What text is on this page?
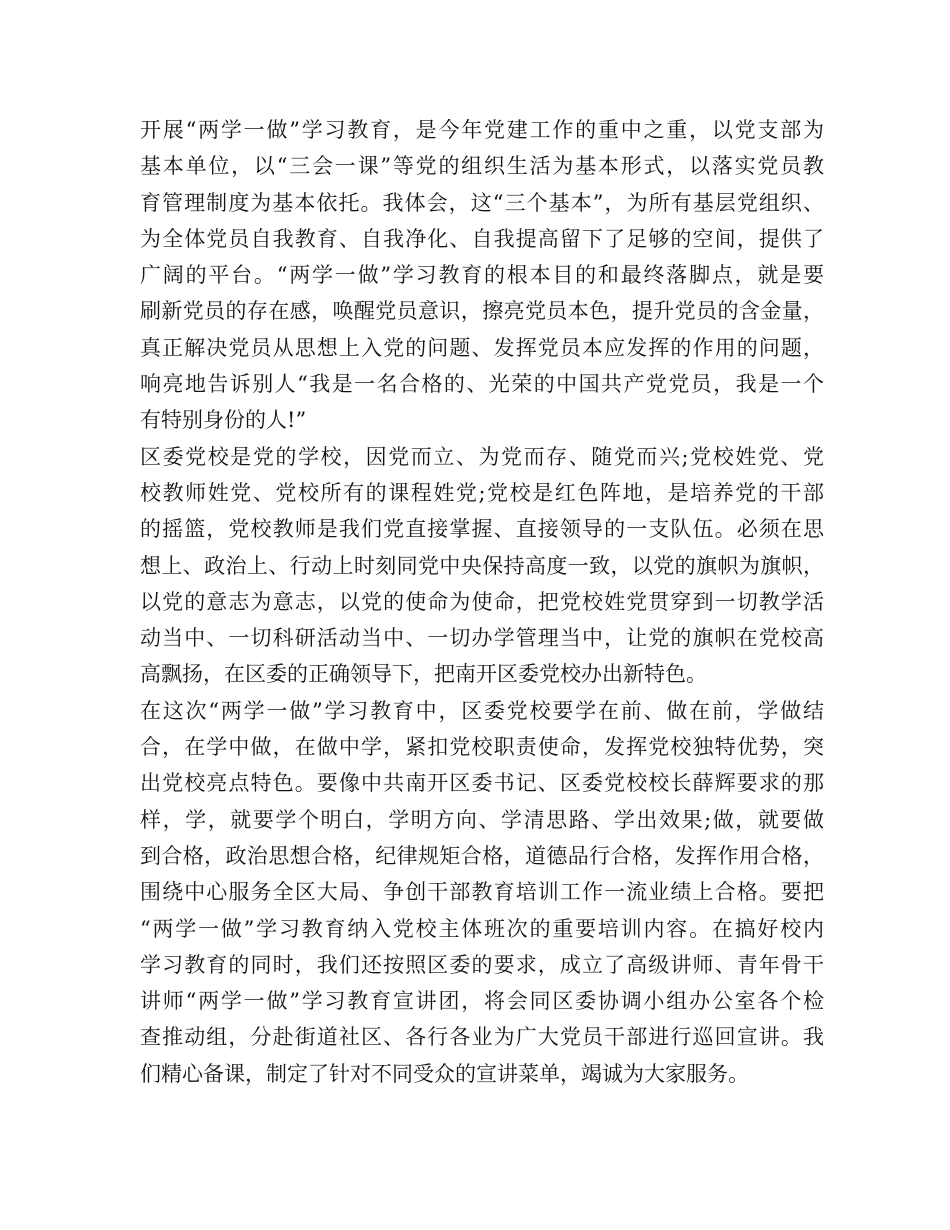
开展“两学一做”学习教育，是今年党建工作的重中之重，以党支部为
基本单位，以“三会一课”等党的组织生活为基本形式，以落实党员教
育管理制度为基本依托。我体会，这“三个基本”，为所有基层党组织、
为全体党员自我教育、自我净化、自我提高留下了足够的空间，提供了
广阔的平台。“两学一做”学习教育的根本目的和最终落脚点，就是要
刷新党员的存在感，唤醒党员意识，擦亮党员本色，提升党员的含金量，
真正解决党员从思想上入党的问题、发挥党员本应发挥的作用的问题，
响亮地告诉别人“我是一名合格的、光荣的中国共产党党员，我是一个
有特别身份的人!”
区委党校是党的学校，因党而立、为党而存、随党而兴;党校姓党、党
校教师姓党、党校所有的课程姓党;党校是红色阵地，是培养党的干部
的摇篮，党校教师是我们党直接掌握、直接领导的一支队伍。必须在思
想上、政治上、行动上时刻同党中央保持高度一致，以党的旗帜为旗帜，
以党的意志为意志，以党的使命为使命，把党校姓党贯穿到一切教学活
动当中、一切科研活动当中、一切办学管理当中，让党的旗帜在党校高
高飘扬，在区委的正确领导下，把南开区委党校办出新特色。
在这次“两学一做”学习教育中，区委党校要学在前、做在前，学做结
合，在学中做，在做中学，紧扣党校职责使命，发挥党校独特优势，突
出党校亮点特色。要像中共南开区委书记、区委党校校长薛辉要求的那
样，学，就要学个明白，学明方向、学清思路、学出效果;做，就要做
到合格，政治思想合格，纪律规矩合格，道德品行合格，发挥作用合格，
围绕中心服务全区大局、争创干部教育培训工作一流业绩上合格。要把
“两学一做”学习教育纳入党校主体班次的重要培训内容。在搞好校内
学习教育的同时，我们还按照区委的要求，成立了高级讲师、青年骨干
讲师“两学一做”学习教育宣讲团，将会同区委协调小组办公室各个检
查推动组，分赴街道社区、各行各业为广大党员干部进行巡回宣讲。我
们精心备课，制定了针对不同受众的宣讲菜单，竭诚为大家服务。
